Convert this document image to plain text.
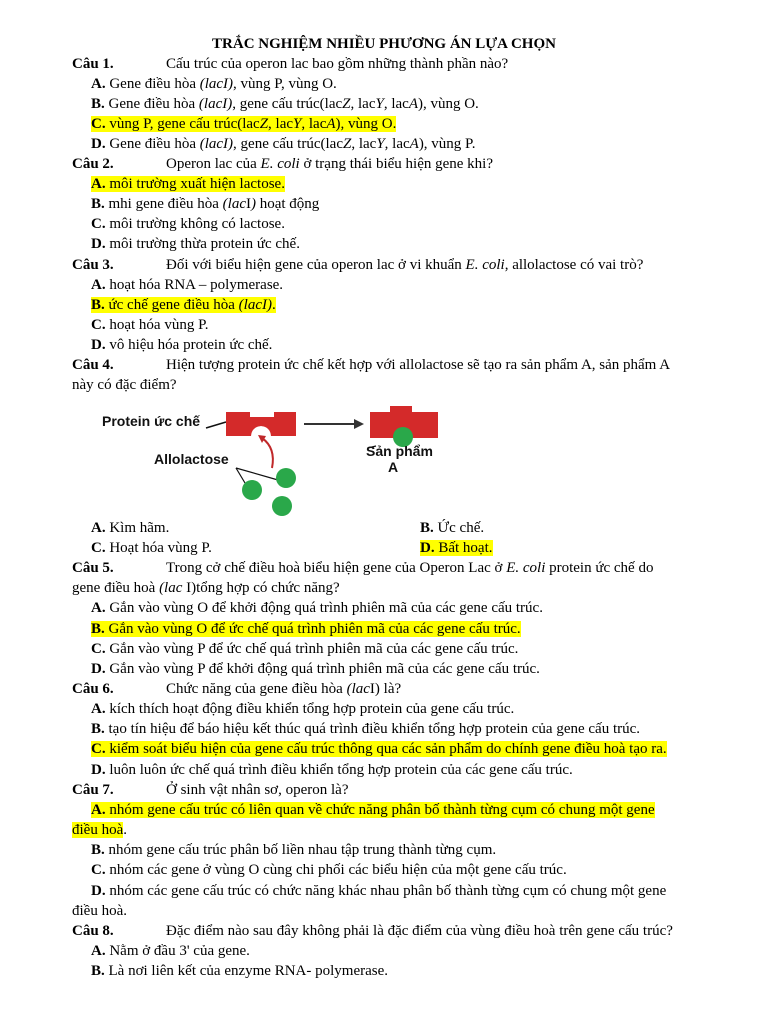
TRẮC NGHIỆM NHIỀU PHƯƠNG ÁN LỰA CHỌN
Câu 1.	Cấu trúc của operon lac bao gồm những thành phần nào?
A. Gene điều hòa (lacI), vùng P, vùng O.
B. Gene điều hòa (lacI), gene cấu trúc(lacZ, lacY, lacA), vùng O.
C. vùng P, gene cấu trúc(lacZ, lacY, lacA), vùng O.
D. Gene điều hòa (lacI), gene cấu trúc(lacZ, lacY, lacA), vùng P.
Câu 2.	Operon lac của E. coli ở trạng thái biểu hiện gene khi?
A. môi trường xuất hiện lactose.
B. mhi gene điều hòa (lacI) hoạt động
C. môi trường không có lactose.
D. môi trường thừa protein ức chế.
Câu 3.	Đối với biểu hiện gene của operon lac ở vi khuẩn E. coli, allolactose có vai trò?
A. hoạt hóa RNA – polymerase.
B. ức chế gene điều hòa (lacI).
C. hoạt hóa vùng P.
D. vô hiệu hóa protein ức chế.
Câu 4.	Hiện tượng protein ức chế kết hợp với allolactose sẽ tạo ra sản phẩm A, sản phẩm A
này có đặc điểm?
Protein ức chế
Sản phẩm
A
Allolactose
A. Kìm hãm.	B. Ức chế.
C. Hoạt hóa vùng P.	D. Bất hoạt.
Câu 5.	Trong cở chế điều hoà biểu hiện gene của Operon Lac ở E. coli protein ức chế do
gene điều hoà (lac I)tổng hợp có chức năng?
A. Gắn vào vùng O để khởi động quá trình phiên mã của các gene cấu trúc.
B. Gắn vào vùng O để ức chế quá trình phiên mã của các gene cấu trúc.
C. Gắn vào vùng P để ức chế quá trình phiên mã của các gene cấu trúc.
D. Gắn vào vùng P để khởi động quá trình phiên mã của các gene cấu trúc.
Câu 6.	Chức năng của gene điều hòa (lacI) là?
A. kích thích hoạt động điều khiển tổng hợp protein của gene cấu trúc.
B. tạo tín hiệu để báo hiệu kết thúc quá trình điều khiển tổng hợp protein của gene cấu trúc.
C. kiểm soát biểu hiện của gene cấu trúc thông qua các sản phẩm do chính gene điều hoà tạo ra.
D. luôn luôn ức chế quá trình điều khiển tổng hợp protein của các gene cấu trúc.
Câu 7.	Ở sinh vật nhân sơ, operon là?
A. nhóm gene cấu trúc có liên quan về chức năng phân bố thành từng cụm có chung một gene
điều hoà.
B. nhóm gene cấu trúc phân bố liền nhau tập trung thành từng cụm.
C. nhóm các gene ở vùng O cùng chi phối các biểu hiện của một gene cấu trúc.
D. nhóm các gene cấu trúc có chức năng khác nhau phân bố thành từng cụm có chung một gene
điều hoà.
Câu 8.	Đặc điểm nào sau đây không phải là đặc điểm của vùng điều hoà trên gene cấu trúc?
A. Nằm ở đầu 3' của gene.
B. Là nơi liên kết của enzyme RNA- polymerase.
